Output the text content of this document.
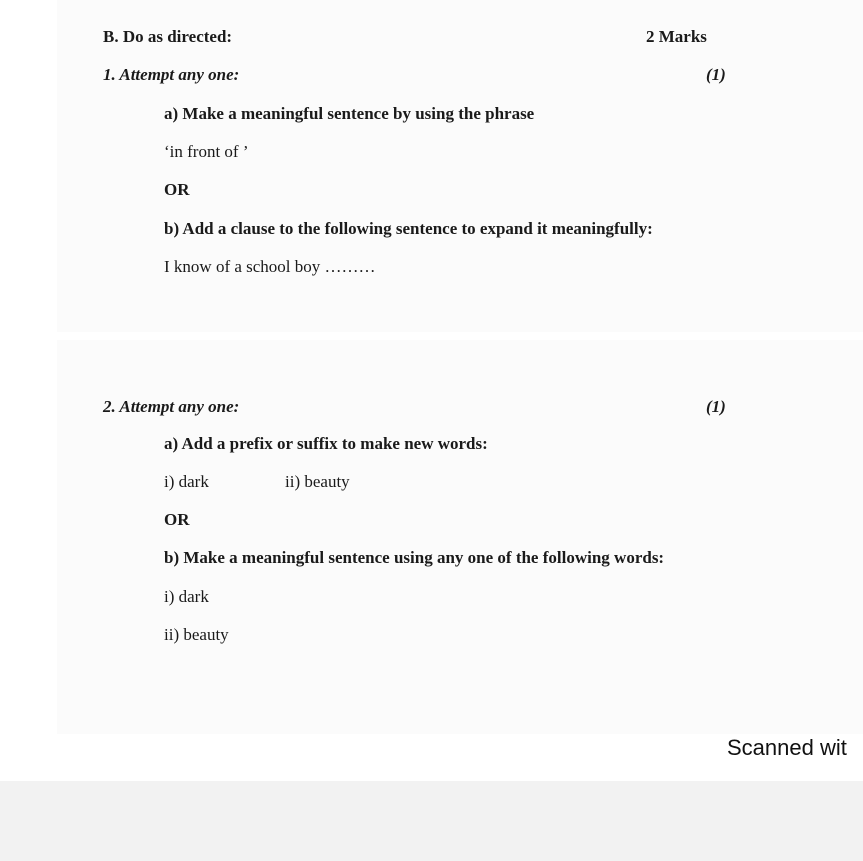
B. Do as directed:	2 Marks
1. Attempt any one:	(1)
a) Make a meaningful sentence by using the phrase
‘in front of ’
OR
b) Add a clause to the following sentence to expand it meaningfully:
I know of a school boy ………
2. Attempt any one:	(1)
a) Add a prefix or suffix to make new words:
i) dark	ii) beauty
OR
b) Make a meaningful sentence using any one of the following words:
i) dark
ii) beauty
Scanned wit
